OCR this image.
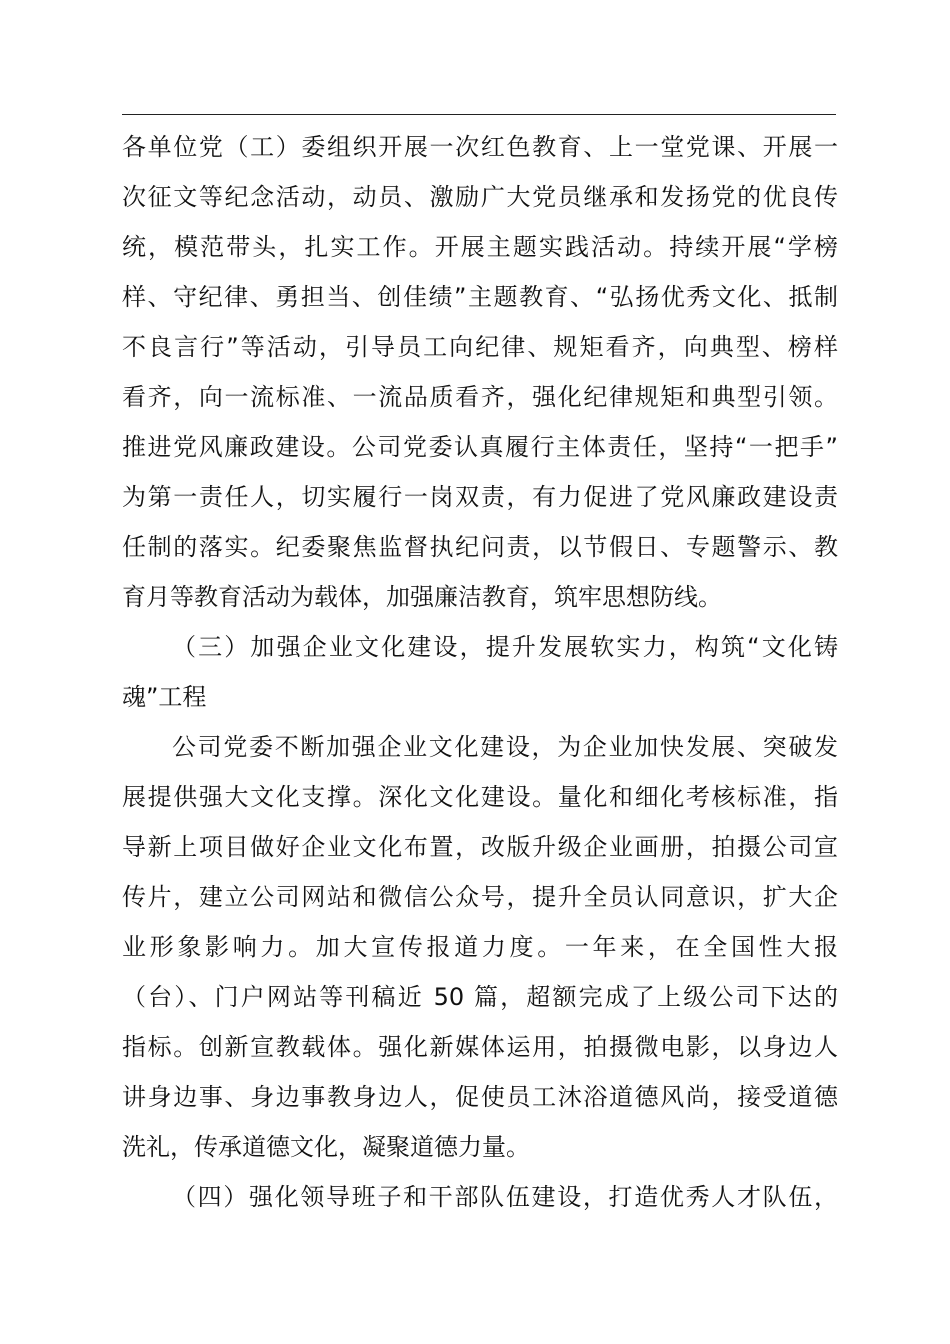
各单位党（工）委组织开展一次红色教育、上一堂党课、开展一
次征文等纪念活动，动员、激励广大党员继承和发扬党的优良传
统，模范带头，扎实工作。开展主题实践活动。持续开展“学榜
样、守纪律、勇担当、创佳绩”主题教育、“弘扬优秀文化、抵制
不良言行”等活动，引导员工向纪律、规矩看齐，向典型、榜样
看齐，向一流标准、一流品质看齐，强化纪律规矩和典型引领。
推进党风廉政建设。公司党委认真履行主体责任，坚持“一把手”
为第一责任人，切实履行一岗双责，有力促进了党风廉政建设责
任制的落实。纪委聚焦监督执纪问责，以节假日、专题警示、教
育月等教育活动为载体，加强廉洁教育，筑牢思想防线。
（三）加强企业文化建设，提升发展软实力，构筑“文化铸
魂”工程
公司党委不断加强企业文化建设，为企业加快发展、突破发
展提供强大文化支撑。深化文化建设。量化和细化考核标准，指
导新上项目做好企业文化布置，改版升级企业画册，拍摄公司宣
传片，建立公司网站和微信公众号，提升全员认同意识，扩大企
业形象影响力。加大宣传报道力度。一年来，在全国性大报
（台）、门户网站等刊稿近 50 篇，超额完成了上级公司下达的
指标。创新宣教载体。强化新媒体运用，拍摄微电影，以身边人
讲身边事、身边事教身边人，促使员工沐浴道德风尚，接受道德
洗礼，传承道德文化，凝聚道德力量。
（四）强化领导班子和干部队伍建设，打造优秀人才队伍，
